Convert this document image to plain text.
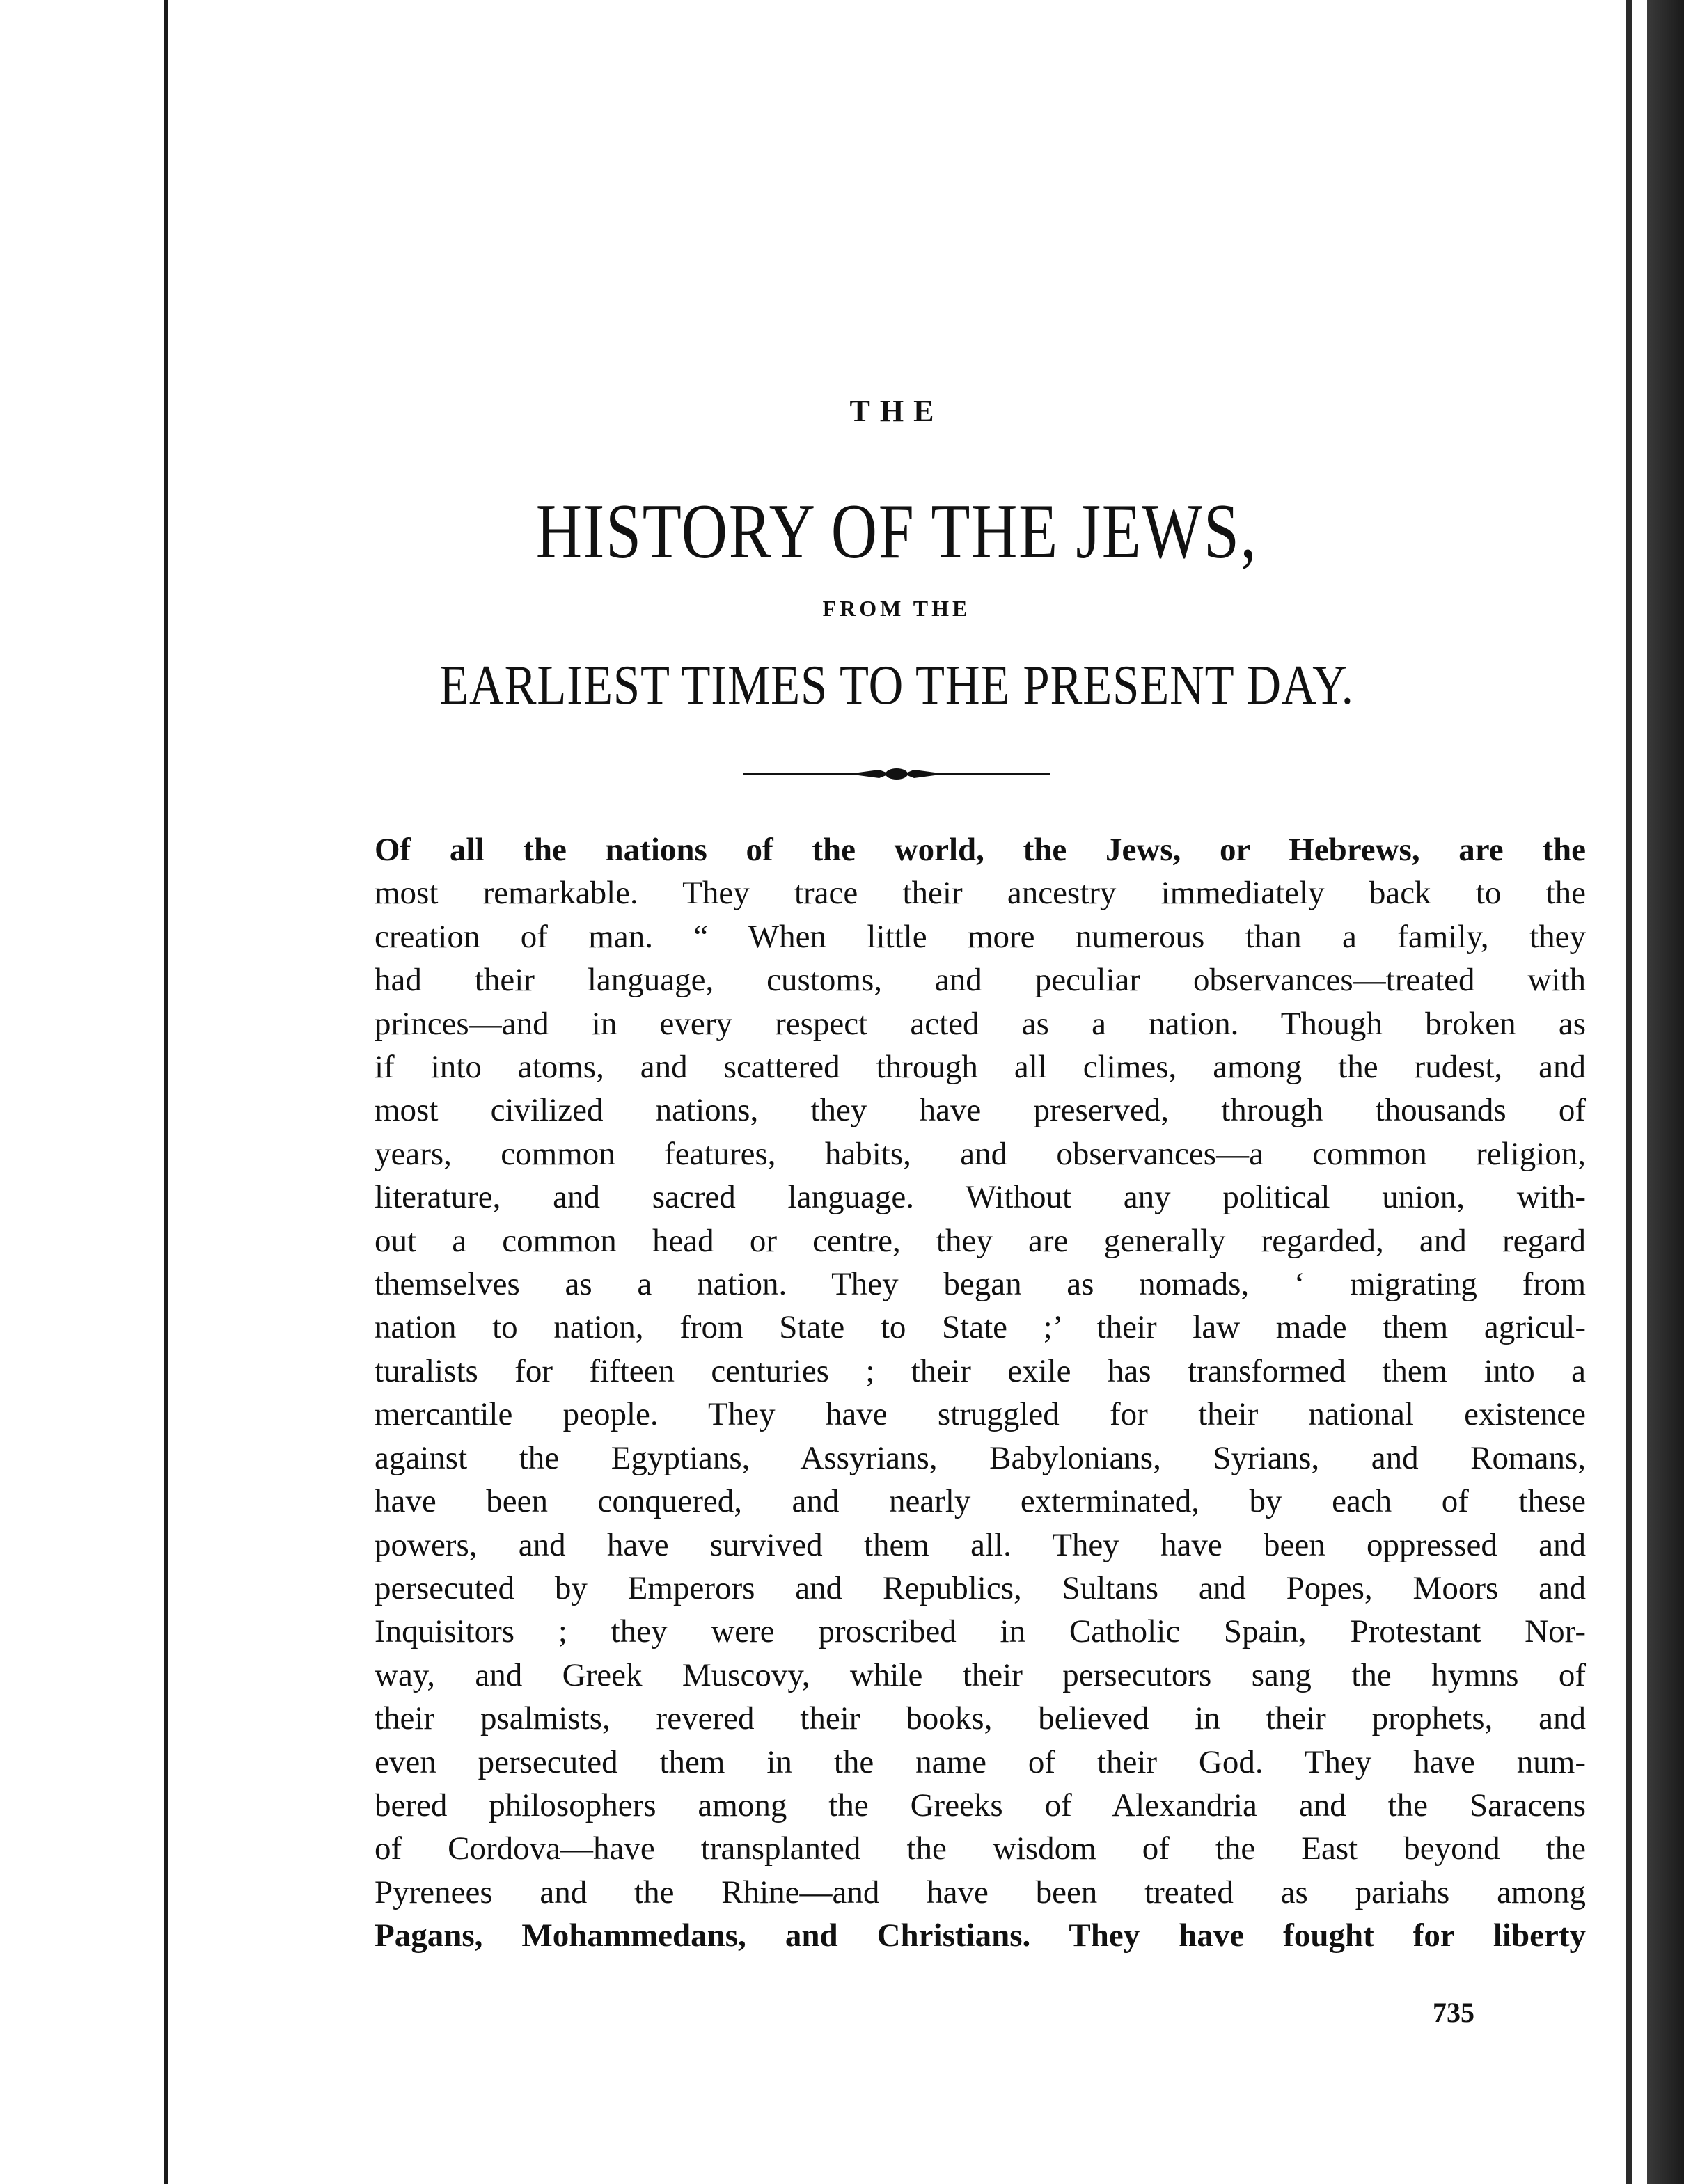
THE
HISTORY OF THE JEWS,
FROM THE
EARLIEST TIMES TO THE PRESENT DAY.
Of all the nations of the world, the Jews, or Hebrews, are the
most remarkable. They trace their ancestry immediately back to the
creation of man. “ When little more numerous than a family, they
had their language, customs, and peculiar observances—treated with
princes—and in every respect acted as a nation. Though broken as
if into atoms, and scattered through all climes, among the rudest, and
most civilized nations, they have preserved, through thousands of
years, common features, habits, and observances—a common religion,
literature, and sacred language. Without any political union, with-
out a common head or centre, they are generally regarded, and regard
themselves as a nation. They began as nomads, ‘ migrating from
nation to nation, from State to State ;’ their law made them agricul-
turalists for fifteen centuries ; their exile has transformed them into a
mercantile people. They have struggled for their national existence
against the Egyptians, Assyrians, Babylonians, Syrians, and Romans,
have been conquered, and nearly exterminated, by each of these
powers, and have survived them all. They have been oppressed and
persecuted by Emperors and Republics, Sultans and Popes, Moors and
Inquisitors ; they were proscribed in Catholic Spain, Protestant Nor-
way, and Greek Muscovy, while their persecutors sang the hymns of
their psalmists, revered their books, believed in their prophets, and
even persecuted them in the name of their God. They have num-
bered philosophers among the Greeks of Alexandria and the Saracens
of Cordova—have transplanted the wisdom of the East beyond the
Pyrenees and the Rhine—and have been treated as pariahs among
Pagans, Mohammedans, and Christians. They have fought for liberty
735
